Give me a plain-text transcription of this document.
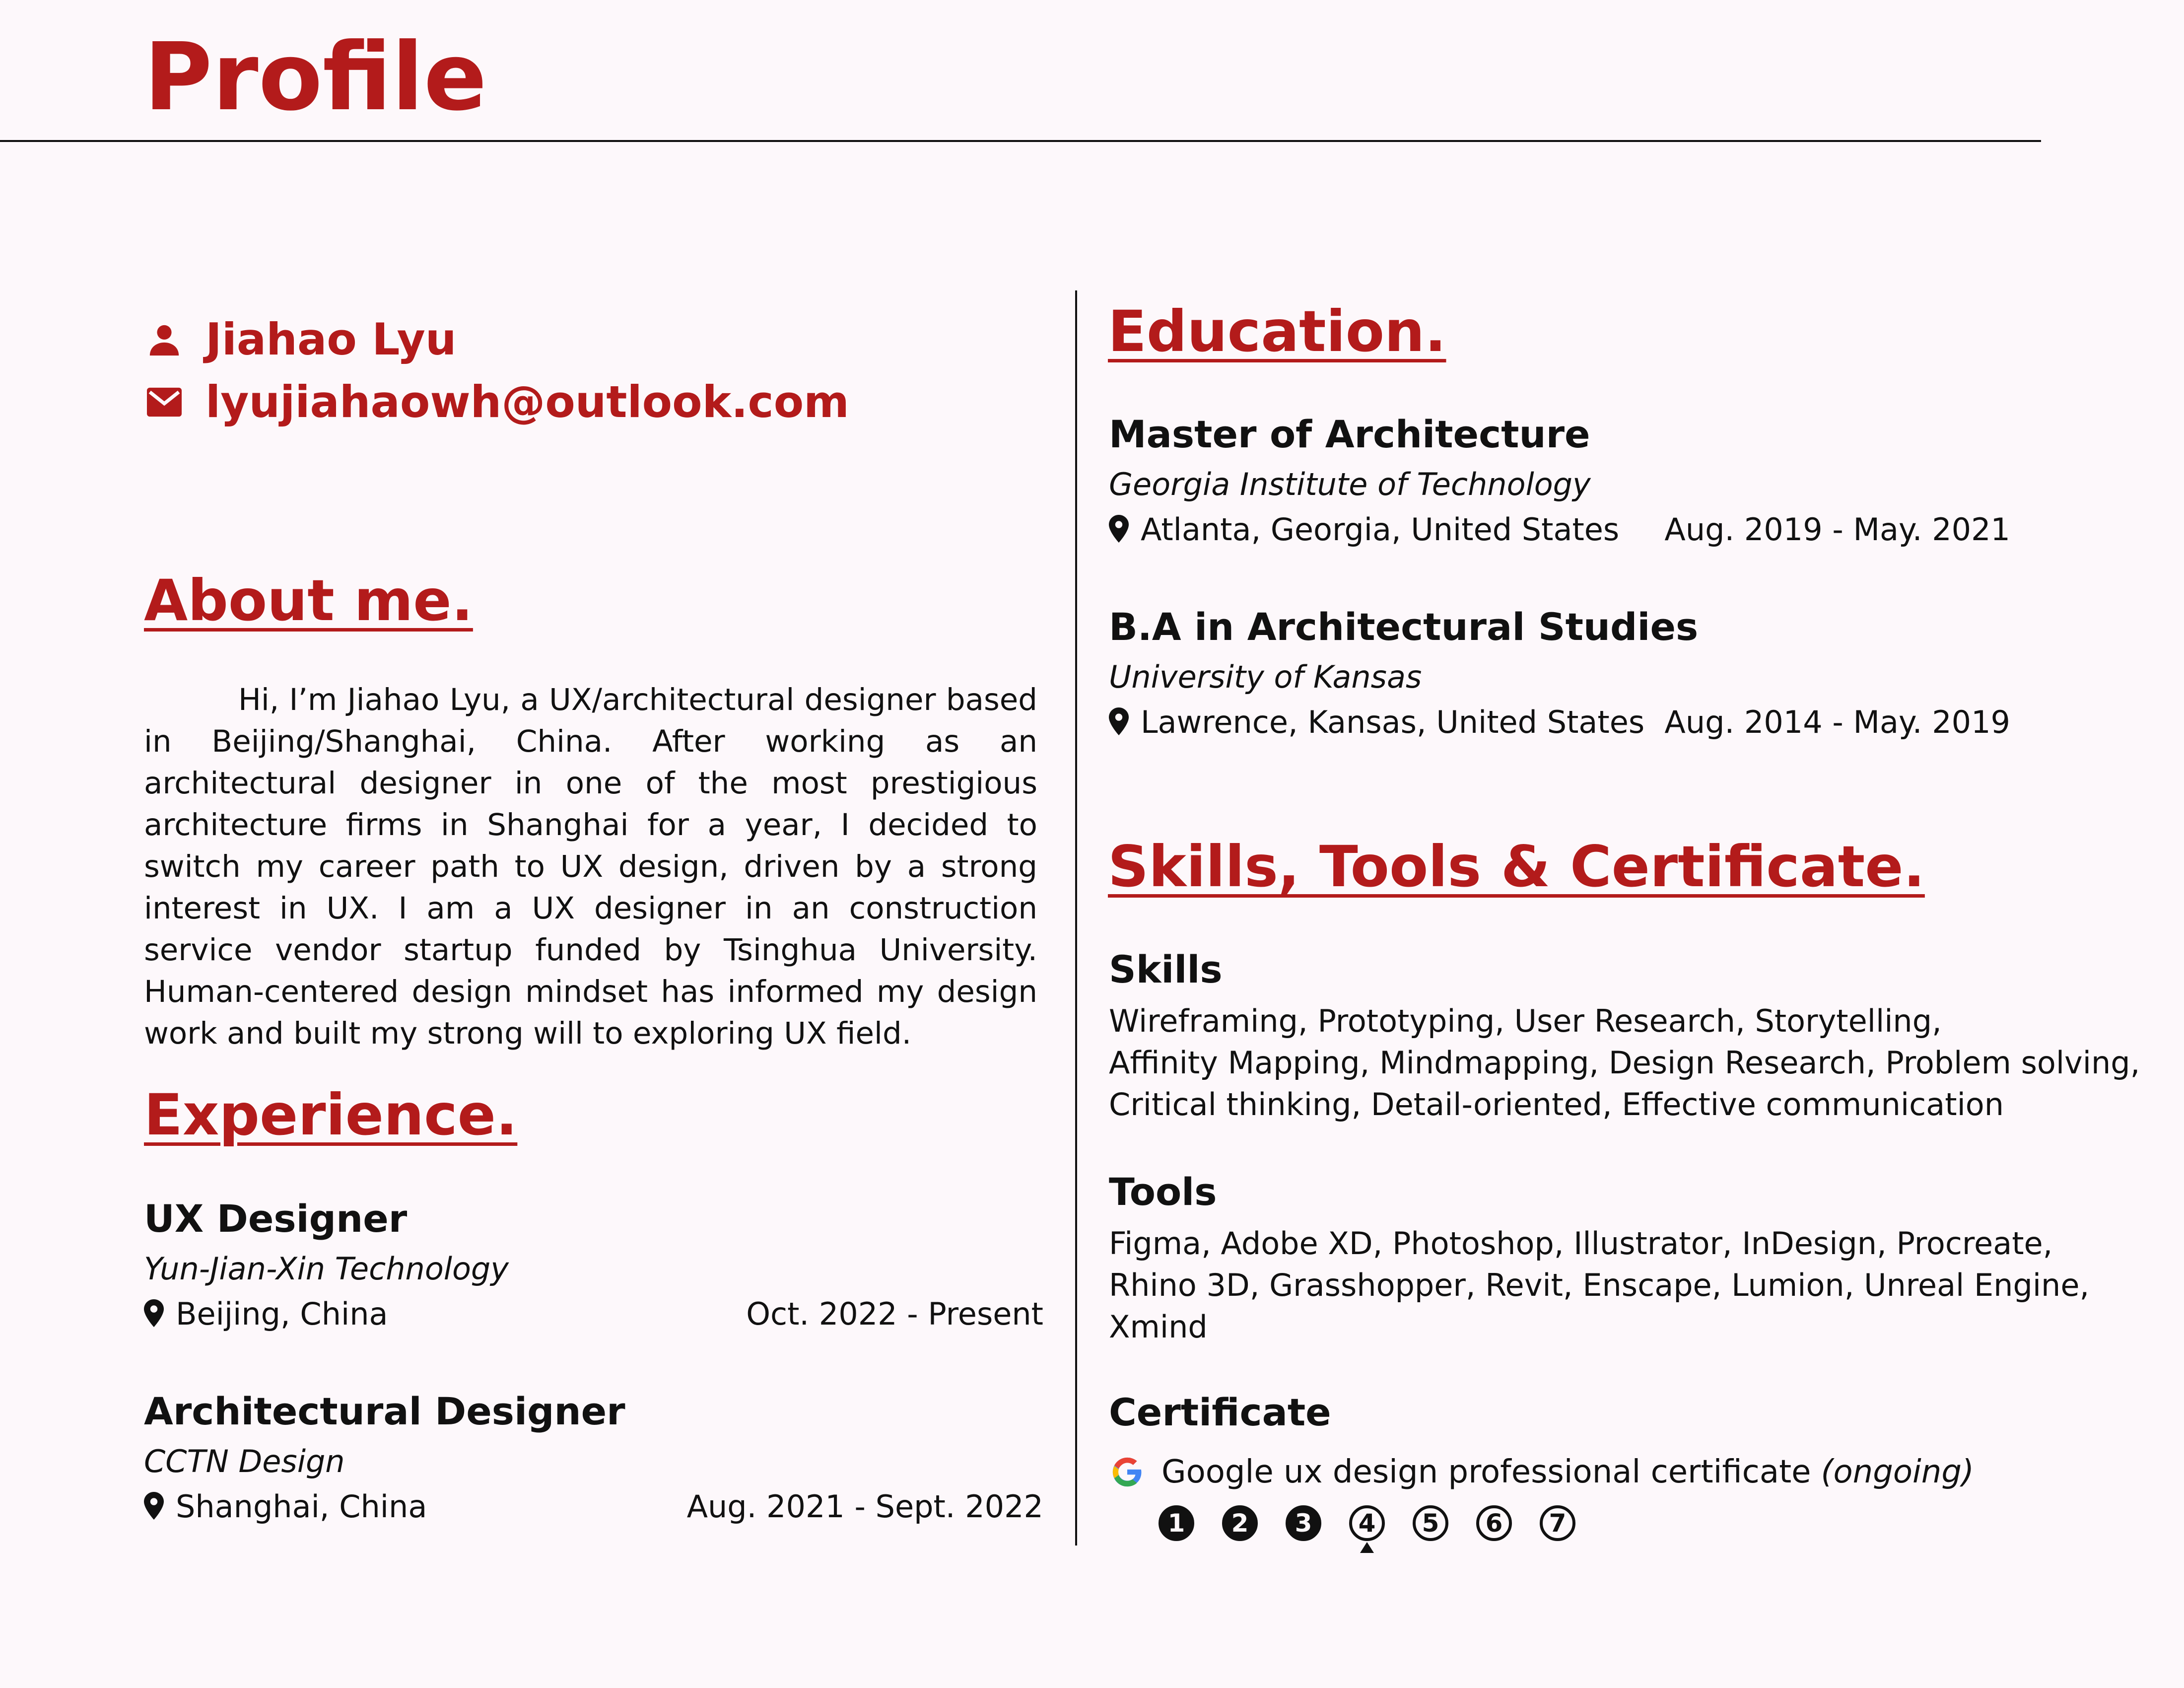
Profile
Jiahao Lyu
lyujiahaowh@outlook.com
About me.

Hi, I’m Jiahao Lyu, a UX/architectural designer based in Beijing/Shanghai, China. After working as an architectural designer in one of the most prestigious architecture firms in Shanghai for a year, I decided to switch my career path to UX design, driven by a strong interest in UX. I am a UX designer in an construction service vendor startup funded by Tsinghua University. Human-centered design mindset has informed my design work and built my strong will to exploring UX field.

Experience.

UX Designer

Yun-Jian-Xin Technology

Beijing, China	Oct. 2022 - Present

Architectural Designer

CCTN Design

Shanghai, China	Aug. 2021 - Sept. 2022
Education.

Master of Architecture

Georgia Institute of Technology

Atlanta, Georgia, United States Aug. 2019 - May. 2021

B.A in Architectural Studies

University of Kansas

Lawrence, Kansas, United States Aug. 2014 - May. 2019
Skills, Tools & Certificate.

Skills

Wireframing, Prototyping, User Research, Storytelling,

Affinity Mapping, Mindmapping, Design Research, Problem solving,

Critical thinking, Detail-oriented, Effective communication

Tools

Figma, Adobe XD, Photoshop, Illustrator, InDesign, Procreate,

Rhino 3D, Grasshopper, Revit, Enscape, Lumion, Unreal Engine,

Xmind

Certificate

Google ux design professional certificate (ongoing)
1	2	3	4	5	6	7
